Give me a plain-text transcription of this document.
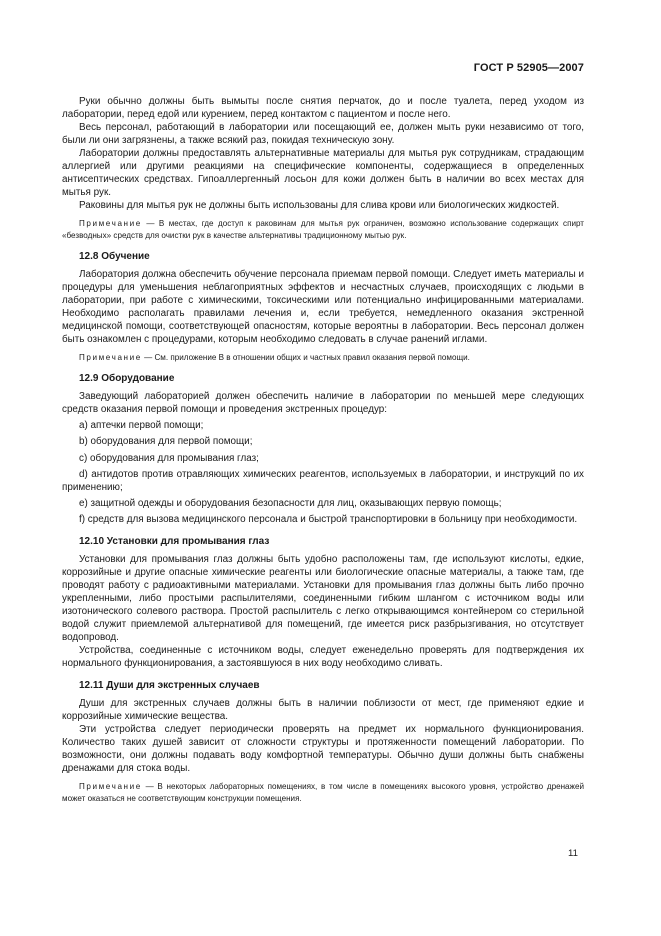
ГОСТ Р 52905—2007

Руки обычно должны быть вымыты после снятия перчаток, до и после туалета, перед уходом из лаборатории, перед едой или курением, перед контактом с пациентом и после него.

Весь персонал, работающий в лаборатории или посещающий ее, должен мыть руки независимо от того, были ли они загрязнены, а также всякий раз, покидая техническую зону.

Лаборатории должны предоставлять альтернативные материалы для мытья рук сотрудникам, страдающим аллергией или другими реакциями на специфические компоненты, содержащиеся в определенных антисептических средствах. Гипоаллергенный лосьон для кожи должен быть в наличии во всех местах для мытья рук.

Раковины для мытья рук не должны быть использованы для слива крови или биологических жидкостей.

Примечание — В местах, где доступ к раковинам для мытья рук ограничен, возможно использование содержащих спирт «безводных» средств для очистки рук в качестве альтернативы традиционному мытью рук.

12.8 Обучение

Лаборатория должна обеспечить обучение персонала приемам первой помощи. Следует иметь материалы и процедуры для уменьшения неблагоприятных эффектов и несчастных случаев, происходящих с людьми в лаборатории, при работе с химическими, токсическими или потенциально инфицированными материалами. Необходимо располагать правилами лечения и, если требуется, немедленного оказания экстренной медицинской помощи, соответствующей опасностям, которые вероятны в лаборатории. Весь персонал должен быть ознакомлен с процедурами, которым необходимо следовать в случае ранений иглами.

Примечание — См. приложение В в отношении общих и частных правил оказания первой помощи.

12.9 Оборудование

Заведующий лабораторией должен обеспечить наличие в лаборатории по меньшей мере следующих средств оказания первой помощи и проведения экстренных процедур:

a) аптечки первой помощи;

b) оборудования для первой помощи;

c) оборудования для промывания глаз;

d) антидотов против отравляющих химических реагентов, используемых в лаборатории, и инструкций по их применению;

e) защитной одежды и оборудования безопасности для лиц, оказывающих первую помощь;

f) средств для вызова медицинского персонала и быстрой транспортировки в больницу при необходимости.

12.10 Установки для промывания глаз

Установки для промывания глаз должны быть удобно расположены там, где используют кислоты, едкие, коррозийные и другие опасные химические реагенты или биологические опасные материалы, а также там, где проводят работу с радиоактивными материалами. Установки для промывания глаз должны быть либо прочно укрепленными, либо простыми распылителями, соединенными гибким шлангом с источником воды или изотонического солевого раствора. Простой распылитель с легко открывающимся контейнером со стерильной водой служит приемлемой альтернативой для помещений, где имеется риск разбрызгивания, но отсутствует водопровод.

Устройства, соединенные с источником воды, следует еженедельно проверять для подтверждения их нормального функционирования, а застоявшуюся в них воду необходимо сливать.

12.11 Души для экстренных случаев

Души для экстренных случаев должны быть в наличии поблизости от мест, где применяют едкие и коррозийные химические вещества.

Эти устройства следует периодически проверять на предмет их нормального функционирования. Количество таких душей зависит от сложности структуры и протяженности помещений лаборатории. По возможности, они должны подавать воду комфортной температуры. Обычно души должны быть снабжены дренажами для стока воды.

Примечание — В некоторых лабораторных помещениях, в том числе в помещениях высокого уровня, устройство дренажей может оказаться не соответствующим конструкции помещения.

11
